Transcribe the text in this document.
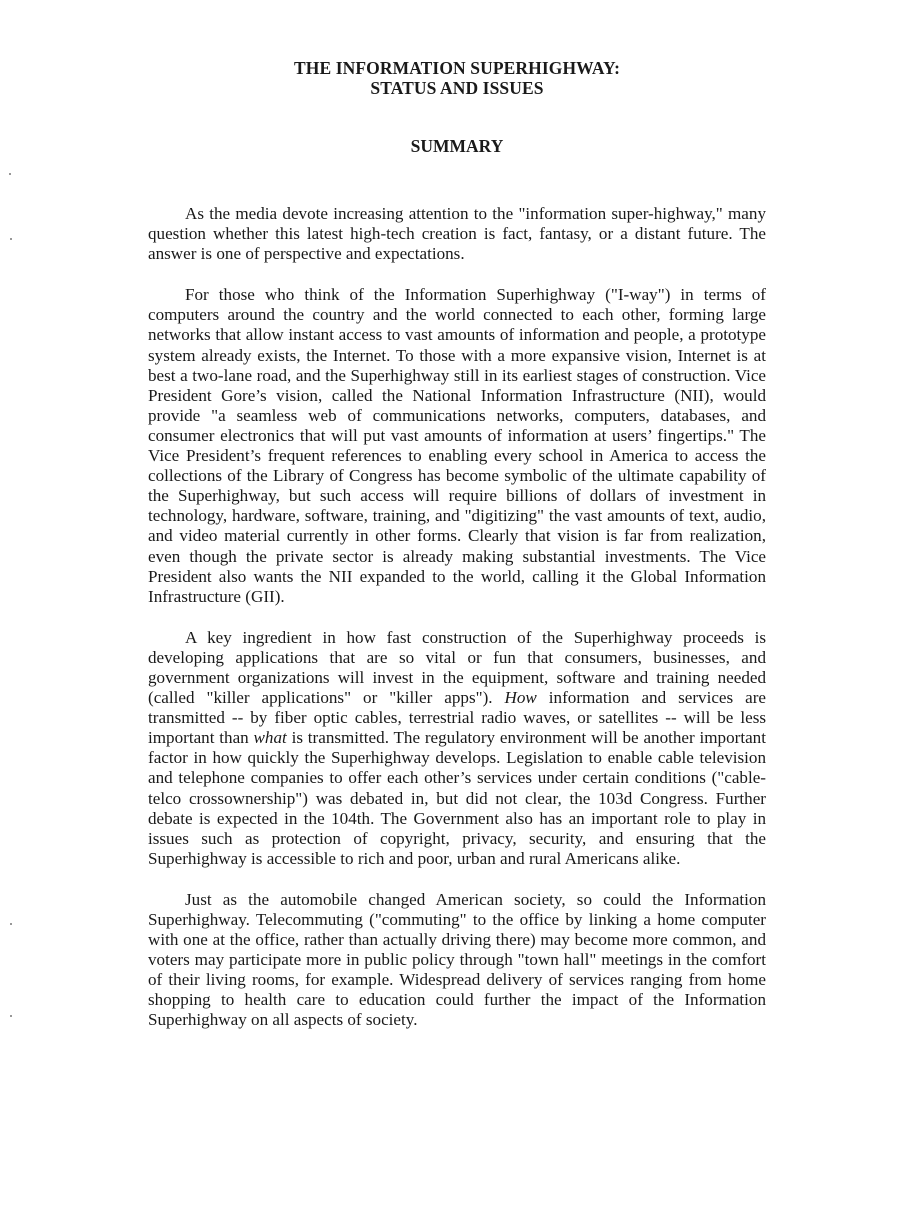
THE INFORMATION SUPERHIGHWAY:
STATUS AND ISSUES
SUMMARY

As the media devote increasing attention to the "information super-highway," many question whether this latest high-tech creation is fact, fantasy, or a distant future. The answer is one of perspective and expectations.

For those who think of the Information Superhighway ("I-way") in terms of computers around the country and the world connected to each other, forming large networks that allow instant access to vast amounts of information and people, a prototype system already exists, the Internet. To those with a more expansive vision, Internet is at best a two-lane road, and the Superhighway still in its earliest stages of construction. Vice President Gore’s vision, called the National Information Infrastructure (NII), would provide "a seamless web of communications networks, computers, databases, and consumer electronics that will put vast amounts of information at users’ fingertips." The Vice President’s frequent references to enabling every school in America to access the collections of the Library of Congress has become symbolic of the ultimate capability of the Superhighway, but such access will require billions of dollars of investment in technology, hardware, software, training, and "digitizing" the vast amounts of text, audio, and video material currently in other forms. Clearly that vision is far from realization, even though the private sector is already making substantial investments. The Vice President also wants the NII expanded to the world, calling it the Global Information Infrastructure (GII).

A key ingredient in how fast construction of the Superhighway proceeds is developing applications that are so vital or fun that consumers, businesses, and government organizations will invest in the equipment, software and training needed (called "killer applications" or "killer apps"). How information and services are transmitted -- by fiber optic cables, terrestrial radio waves, or satellites -- will be less important than what is transmitted. The regulatory environment will be another important factor in how quickly the Superhighway develops. Legislation to enable cable television and telephone companies to offer each other’s services under certain conditions ("cable-telco crossownership") was debated in, but did not clear, the 103d Congress. Further debate is expected in the 104th. The Government also has an important role to play in issues such as protection of copyright, privacy, security, and ensuring that the Superhighway is accessible to rich and poor, urban and rural Americans alike.

Just as the automobile changed American society, so could the Information Superhighway. Telecommuting ("commuting" to the office by linking a home computer with one at the office, rather than actually driving there) may become more common, and voters may participate more in public policy through "town hall" meetings in the comfort of their living rooms, for example. Widespread delivery of services ranging from home shopping to health care to education could further the impact of the Information Superhighway on all aspects of society.
